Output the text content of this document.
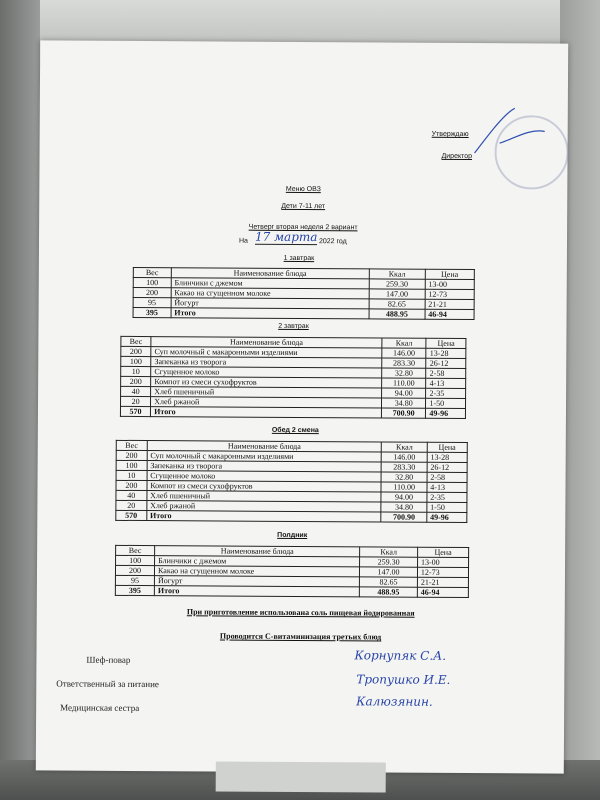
Утверждаю
Директор
Меню ОВЗ
Дети 7-11 лет
Четверг вторая неделя 2 вариант
На 17 марта 2022 год
1 завтрак
Вес	Наименование блюда	Ккал	Цена
100	Блинчики с джемом	259.30	13-00
200	Какао на сгущенном молоке	147.00	12-73
95	Йогурт	82.65	21-21
395	Итого	488.95	46-94
2 завтрак
Вес	Наименование блюда	Ккал	Цена
200	Суп молочный с макаронными изделиями	146.00	13-28
100	Запеканка из творога	283.30	26-12
10	Сгущенное молоко	32.80	2-58
200	Компот из смеси сухофруктов	110.00	4-13
40	Хлеб пшеничный	94.00	2-35
20	Хлеб ржаной	34.80	1-50
570	Итого	700.90	49-96
Обед 2 смена
Вес	Наименование блюда	Ккал	Цена
200	Суп молочный с макаронными изделиями	146.00	13-28
100	Запеканка из творога	283.30	26-12
10	Сгущенное молоко	32.80	2-58
200	Компот из смеси сухофруктов	110.00	4-13
40	Хлеб пшеничный	94.00	2-35
20	Хлеб ржаной	34.80	1-50
570	Итого	700.90	49-96
Полдник
Вес	Наименование блюда	Ккал	Цена
100	Блинчики с джемом	259.30	13-00
200	Какао на сгущенном молоке	147.00	12-73
95	Йогурт	82.65	21-21
395	Итого	488.95	46-94
При приготовление использована соль пищевая йодированная
Проводится С-витаминизация третьих блюд
Шеф-повар	Корнупяк С.А.
Ответственный за питание	Тропушко И.Е.
Медицинская сестра	Калюзянин.
